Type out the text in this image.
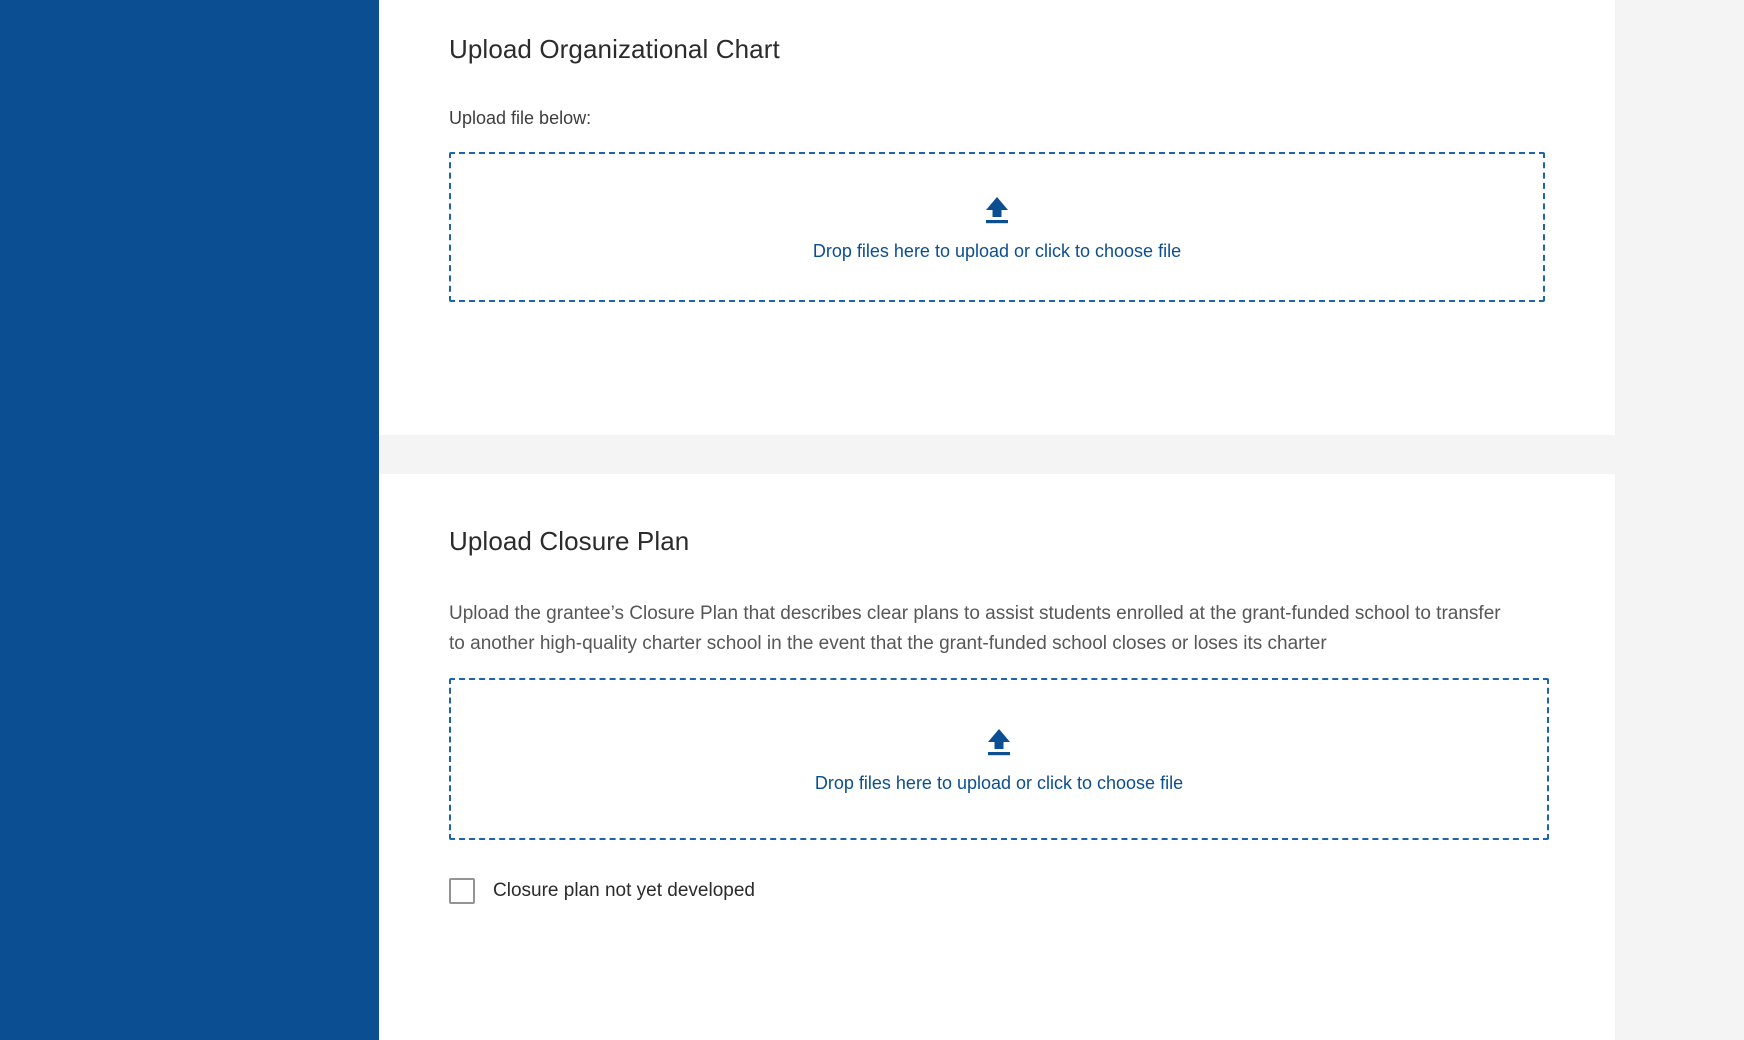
Upload Organizational Chart
Upload file below:
Drop files here to upload or click to choose file
Upload Closure Plan

Upload the grantee’s Closure Plan that describes clear plans to assist students enrolled at the grant-funded school to transfer to another high-quality charter school in the event that the grant-funded school closes or loses its charter

Drop files here to upload or click to choose file
Closure plan not yet developed
